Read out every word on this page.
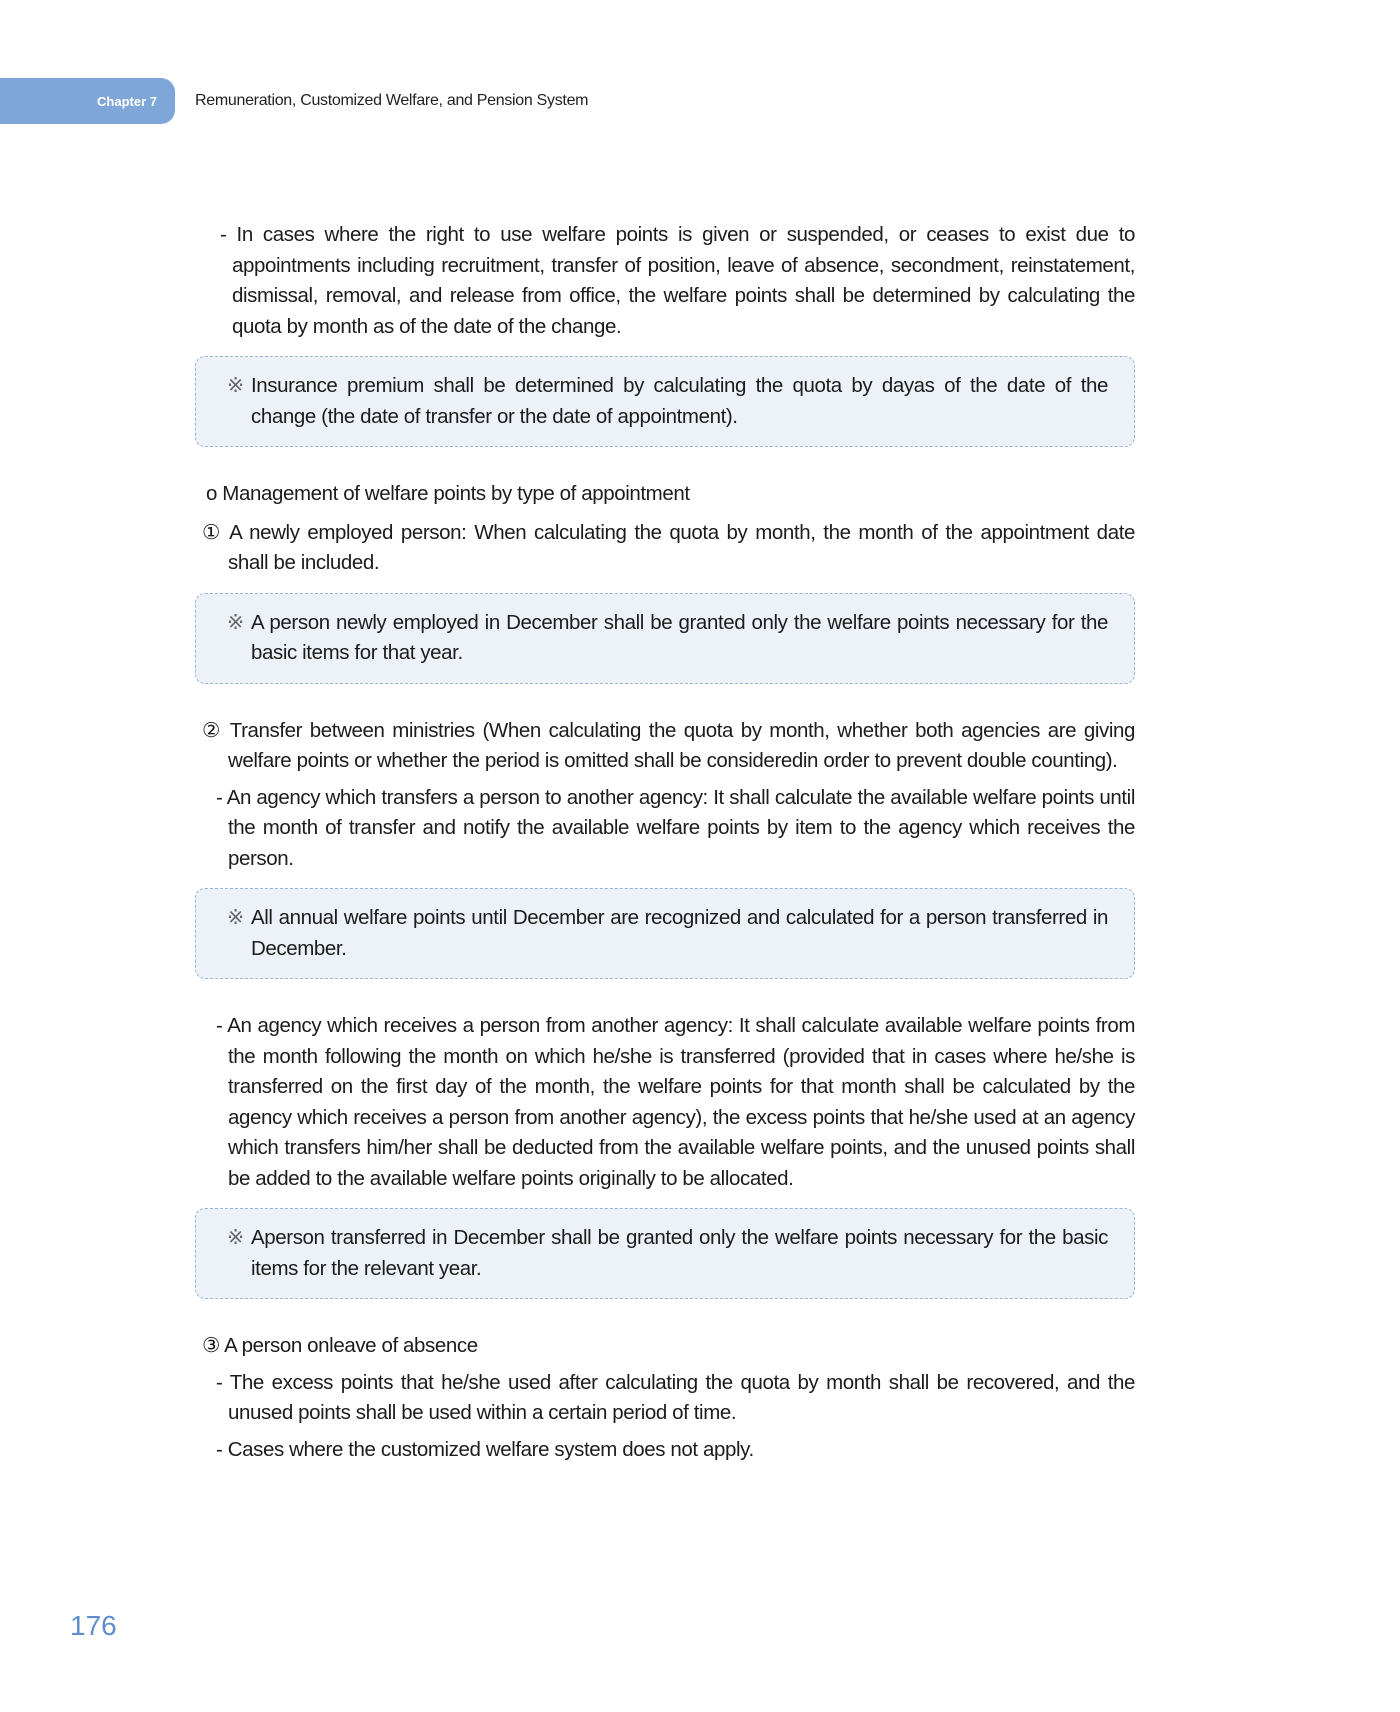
Chapter 7 Remuneration, Customized Welfare, and Pension System

- In cases where the right to use welfare points is given or suspended, or ceases to exist due to appointments including recruitment, transfer of position, leave of absence, secondment, reinstatement, dismissal, removal, and release from office, the welfare points shall be determined by calculating the quota by month as of the date of the change.

※ Insurance premium shall be determined by calculating the quota by dayas of the date of the change (the date of transfer or the date of appointment).

o Management of welfare points by type of appointment

① A newly employed person: When calculating the quota by month, the month of the appointment date shall be included.

※ A person newly employed in December shall be granted only the welfare points necessary for the basic items for that year.

② Transfer between ministries (When calculating the quota by month, whether both agencies are giving welfare points or whether the period is omitted shall be consideredin order to prevent double counting).

- An agency which transfers a person to another agency: It shall calculate the available welfare points until the month of transfer and notify the available welfare points by item to the agency which receives the person.

※ All annual welfare points until December are recognized and calculated for a person transferred in December.

- An agency which receives a person from another agency: It shall calculate available welfare points from the month following the month on which he/she is transferred (provided that in cases where he/she is transferred on the first day of the month, the welfare points for that month shall be calculated by the agency which receives a person from another agency), the excess points that he/she used at an agency which transfers him/her shall be deducted from the available welfare points, and the unused points shall be added to the available welfare points originally to be allocated.

※ Aperson transferred in December shall be granted only the welfare points necessary for the basic items for the relevant year.

③ A person onleave of absence

- The excess points that he/she used after calculating the quota by month shall be recovered, and the unused points shall be used within a certain period of time.

- Cases where the customized welfare system does not apply.

176
